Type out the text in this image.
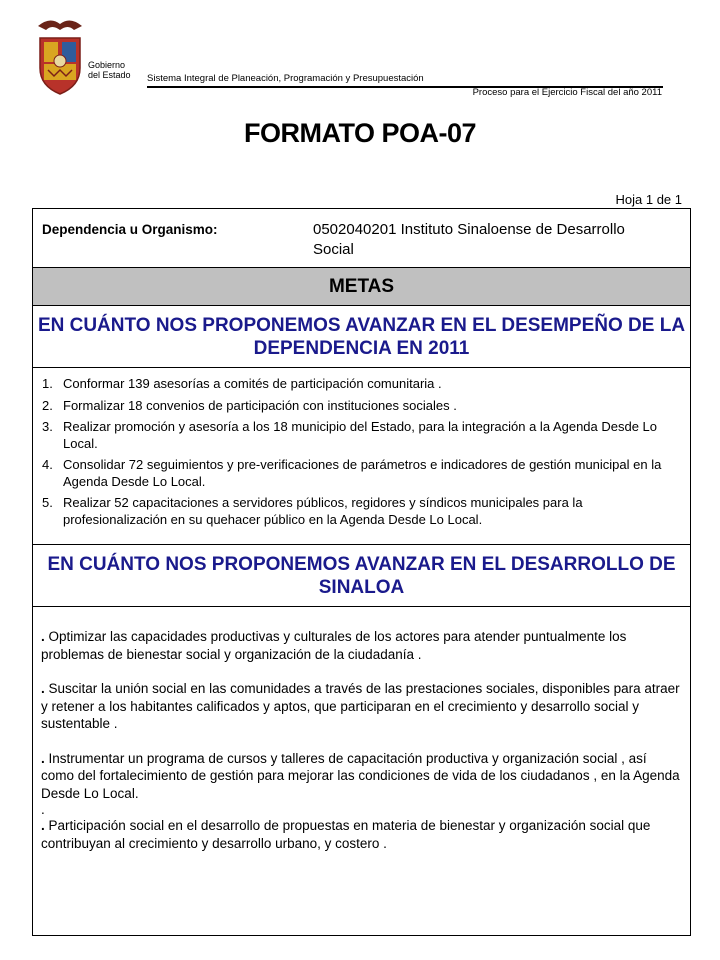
Gobierno
del Estado Sistema Integral de Planeación, Programación y Presupuestación
Proceso para el Ejercicio Fiscal del año 2011
FORMATO POA-07
Hoja 1 de 1
Dependencia u Organismo:	0502040201 Instituto Sinaloense de Desarrollo Social
METAS
EN CUÁNTO NOS PROPONEMOS AVANZAR EN EL DESEMPEÑO DE LA DEPENDENCIA EN 2011
1. Conformar 139 asesorías a comités de participación comunitaria .
2. Formalizar 18 convenios de participación con instituciones sociales .
3. Realizar promoción y asesoría a los 18 municipio del Estado, para la integración a la Agenda Desde Lo Local.
4. Consolidar 72 seguimientos y pre-verificaciones de parámetros e indicadores de gestión municipal en la Agenda Desde Lo Local.
5. Realizar 52 capacitaciones a servidores públicos, regidores y síndicos municipales para la profesionalización en su quehacer público en la Agenda Desde Lo Local.
EN CUÁNTO NOS PROPONEMOS AVANZAR EN EL DESARROLLO DE SINALOA
. Optimizar las capacidades productivas y culturales de los actores para atender puntualmente los problemas de bienestar social y organización de la ciudadanía .
. Suscitar la unión social en las comunidades a través de las prestaciones sociales, disponibles para atraer y retener a los habitantes calificados y aptos, que participaran en el crecimiento y desarrollo social y sustentable .
. Instrumentar un programa de cursos y talleres de capacitación productiva y organización social , así como del fortalecimiento de gestión para mejorar las condiciones de vida de los ciudadanos , en la Agenda Desde Lo Local.
.
. Participación social en el desarrollo de propuestas en materia de bienestar y organización social que contribuyan al crecimiento y desarrollo urbano, y costero .
